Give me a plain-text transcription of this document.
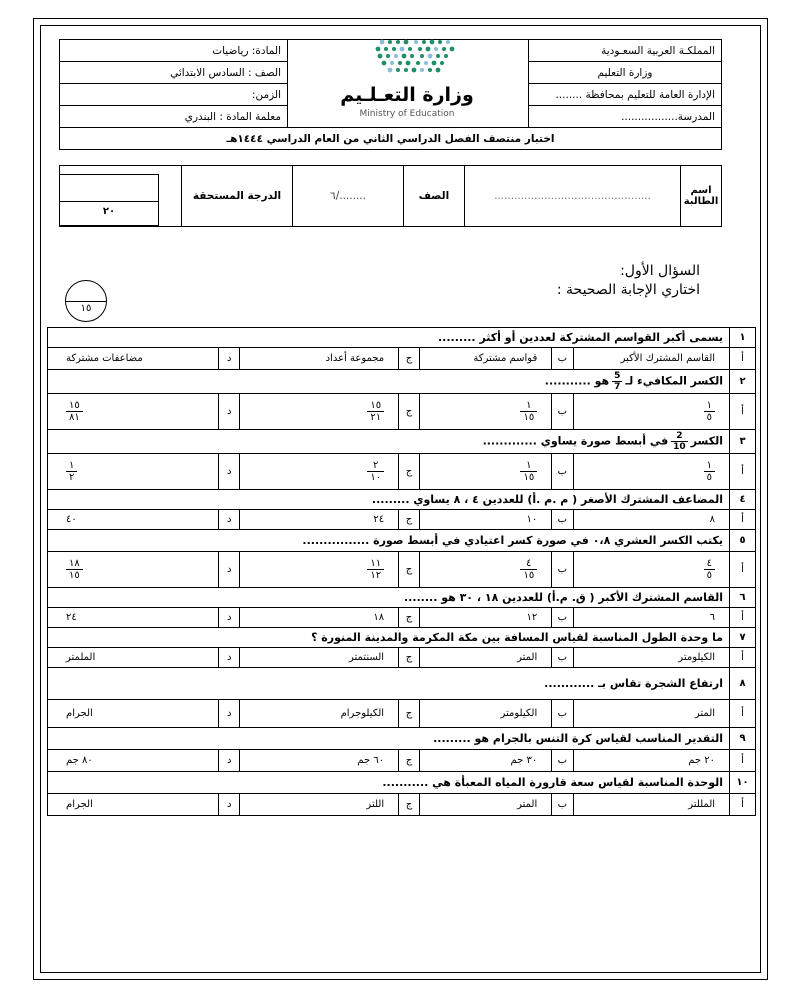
المملكـة العربية السعـودية		المادة: رياضيات
وزارة التعليم		الصف : السادس الابتدائي
الإدارة العامة للتعليم بمحافظة ........		الزمن:
المدرسة.................		معلمة المادة : البندري
اختبار منتصف الفصل الدراسي الثاني من العام الدراسي ١٤٤٤هـ		
وزارة التعـلـيم
Ministry of Education
اسم الطالبة	...............................................	الصف	......../٦	الدرجة المستحقة	
٢٠
السؤال الأول:
اختاري الإجابة الصحيحة :
١٥
١	يسمى أكبر القواسم المشتركة لعددين أو أكثر .........						
أ	القاسم المشترك الأكبر	ب	قواسم مشتركة	ج	مجموعة أعداد	د	مضاعفات مشتركة
٢	الكسر المكافيء لـ
$\frac{5}{7}$
هو ...........						
أ	$\frac{١}{٥}$	ب	$\frac{١}{١٥}$	ج	$\frac{١٥}{٢١}$	د	$\frac{١٥}{٨١}$

٣	الكسر
$\frac{2}{10}$
في أبسط صورة يساوي .............						
أ	$\frac{١}{٥}$	ب	$\frac{١}{١٥}$	ج	$\frac{٢}{١٠}$	د	$\frac{١}{٢}$

٤	المضاعف المشترك الأصغر ( م .م .أ) للعددين ٤ ، ٨ يساوي .........						
أ	٨	ب	١٠	ج	٢٤	د	٤٠
٥	يكتب الكسر العشري ٠،٨ في صورة كسر اعتيادي في أبسط صورة ................						
أ	$\frac{٤}{٥}$	ب	$\frac{٤}{١٥}$	ج	$\frac{١١}{١٢}$	د	$\frac{١٨}{١٥}$

٦	القاسم المشترك الأكبر ( ق. م.أ) للعددين ١٨ ، ٣٠ هو ........						
أ	٦	ب	١٢	ج	١٨	د	٢٤
٧	ما وحدة الطول المناسبة لقياس المسافة بين مكة المكرمة والمدينة المنورة ؟						
أ	الكيلومتر	ب	المتر	ج	السنتمتر	د	الملمتر
٨	ارتفاع الشجرة تقاس بـ ............						
أ	المتر	ب	الكيلومتر	ج	الكيلوجرام	د	الجرام
٩	التقدير المناسب لقياس كرة التنس بالجرام هو .........						
أ	٢٠ جم	ب	٣٠ جم	ج	٦٠ جم	د	٨٠ جم
١٠	الوحدة المناسبة لقياس سعة قارورة المياه المعبأة هي ...........						
أ	المللتر	ب	المتر	ج	اللتر	د	الجرام
